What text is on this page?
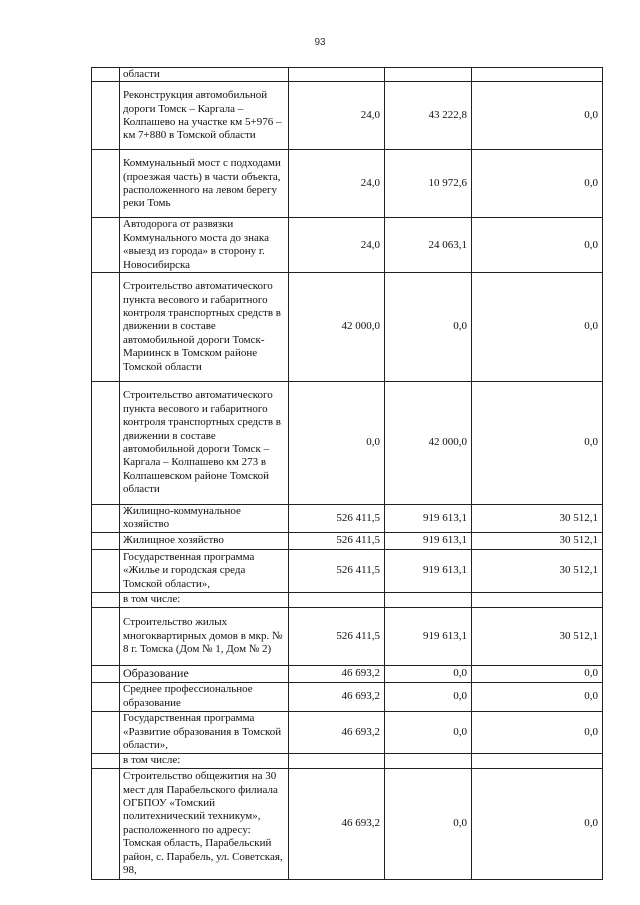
93
	области			
	Реконструкция автомобильной дороги Томск – Каргала – Колпашево на участке км 5+976 – км 7+880 в Томской области	24,0	43 222,8	0,0
	Коммунальный мост с подходами (проезжая часть) в части объекта, расположенного на левом берегу реки Томь	24,0	10 972,6	0,0
	Автодорога от развязки Коммунального моста до знака «выезд из города» в сторону г. Новосибирска	24,0	24 063,1	0,0
	Строительство автоматического пункта весового и габаритного контроля транспортных средств в движении в составе автомобильной дороги Томск-Мариинск в Томском районе Томской области	42 000,0	0,0	0,0
	Строительство автоматического пункта весового и габаритного контроля транспортных средств в движении в составе автомобильной дороги Томск – Каргала – Колпашево км 273 в Колпашевском районе Томской области	0,0	42 000,0	0,0
	Жилищно-коммунальное хозяйство	526 411,5	919 613,1	30 512,1
	Жилищное хозяйство	526 411,5	919 613,1	30 512,1
	Государственная программа «Жилье и городская среда Томской области»,	526 411,5	919 613,1	30 512,1
	в том числе:			
	Строительство жилых многоквартирных домов в мкр. № 8 г. Томска (Дом № 1, Дом № 2)	526 411,5	919 613,1	30 512,1
	Образование	46 693,2	0,0	0,0
	Среднее профессиональное образование	46 693,2	0,0	0,0
	Государственная программа «Развитие образования в Томской области»,	46 693,2	0,0	0,0
	в том числе:			
	Строительство общежития на 30 мест для Парабельского филиала ОГБПОУ «Томский политехнический техникум», расположенного по адресу: Томская область, Парабельский район, с. Парабель, ул. Советская, 98,	46 693,2	0,0	0,0
